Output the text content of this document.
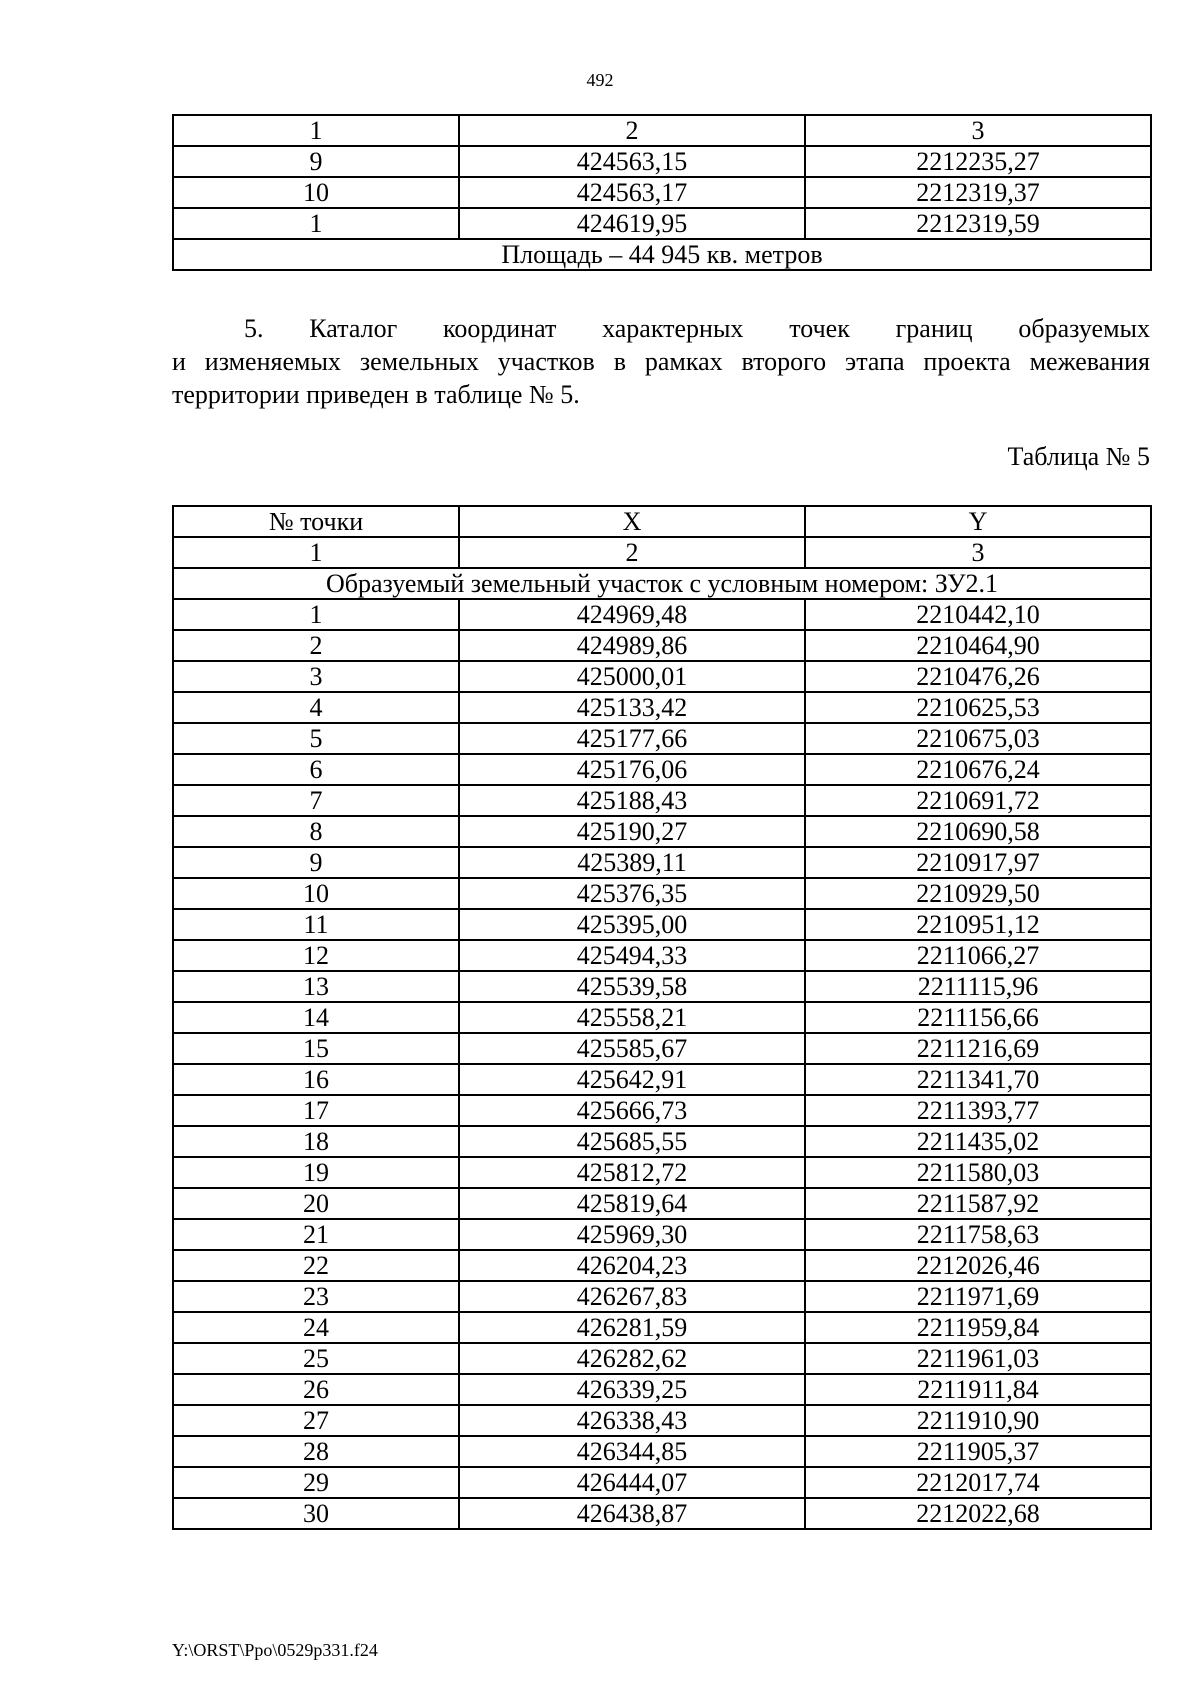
492
1	2	3
9	424563,15	2212235,27
10	424563,17	2212319,37
1	424619,95	2212319,59
Площадь – 44 945 кв. метров		
5. Каталог координат характерных точек границ образуемых
и изменяемых земельных участков в рамках второго этапа проекта межевания
территории приведен в таблице № 5.
Таблица № 5
№ точки	X	Y
1	2	3
Образуемый земельный участок с условным номером: ЗУ2.1		
1	424969,48	2210442,10
2	424989,86	2210464,90
3	425000,01	2210476,26
4	425133,42	2210625,53
5	425177,66	2210675,03
6	425176,06	2210676,24
7	425188,43	2210691,72
8	425190,27	2210690,58
9	425389,11	2210917,97
10	425376,35	2210929,50
11	425395,00	2210951,12
12	425494,33	2211066,27
13	425539,58	2211115,96
14	425558,21	2211156,66
15	425585,67	2211216,69
16	425642,91	2211341,70
17	425666,73	2211393,77
18	425685,55	2211435,02
19	425812,72	2211580,03
20	425819,64	2211587,92
21	425969,30	2211758,63
22	426204,23	2212026,46
23	426267,83	2211971,69
24	426281,59	2211959,84
25	426282,62	2211961,03
26	426339,25	2211911,84
27	426338,43	2211910,90
28	426344,85	2211905,37
29	426444,07	2212017,74
30	426438,87	2212022,68
Y:\ORST\Ppo\0529p331.f24
